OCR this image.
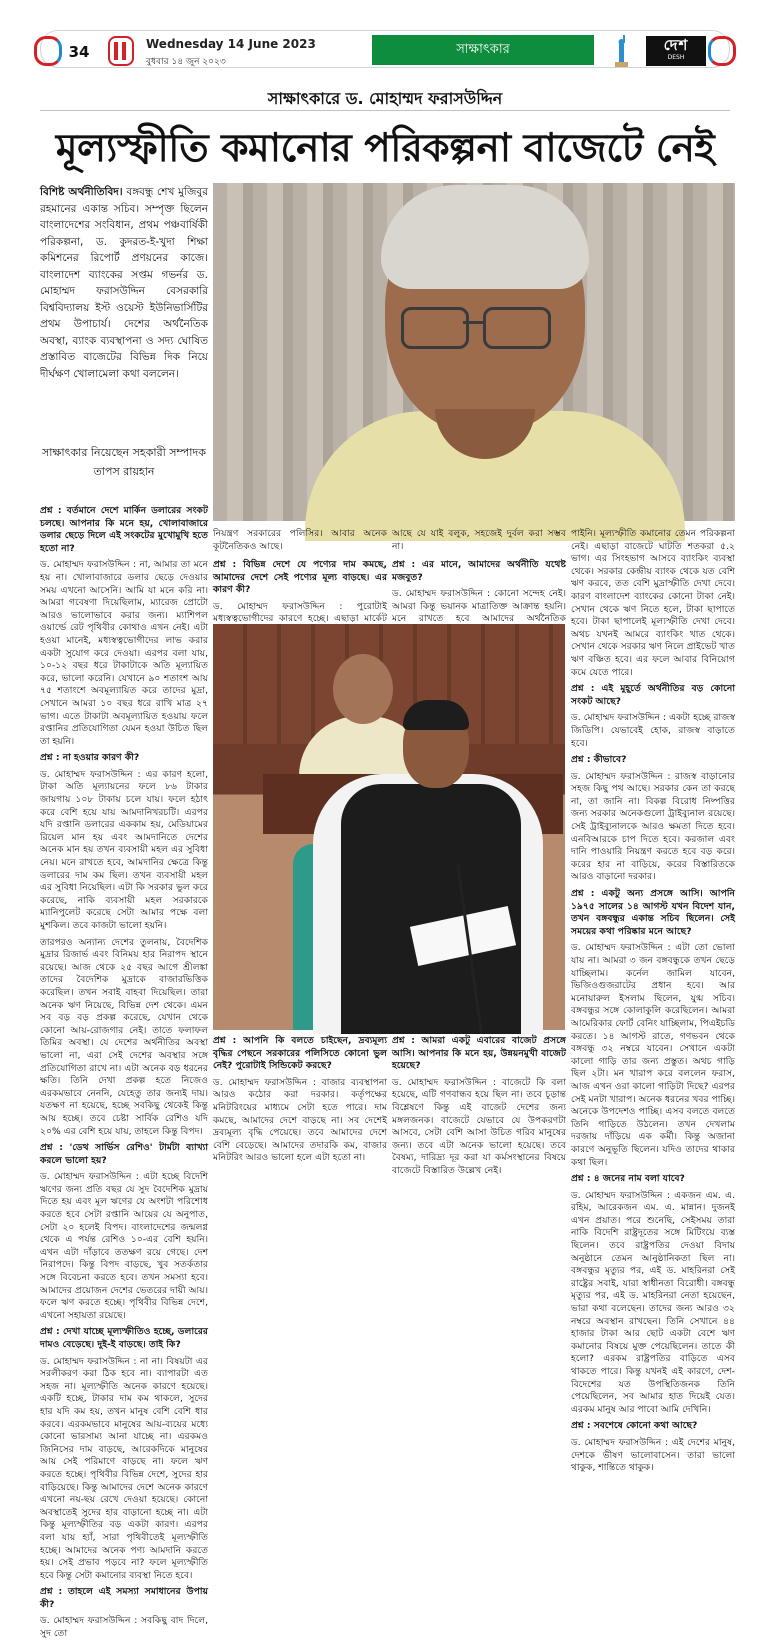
34	Wednesday 14 June 2023
বুধবার ১৪ জুন ২০২৩
সাক্ষাৎকার	দেশ
DESH
সাক্ষাৎকারে ড. মোহাম্মদ ফরাসউদ্দিন
মূল্যস্ফীতি কমানোর পরিকল্পনা বাজেটে নেই
বিশিষ্ট অর্থনীতিবিদ। বঙ্গবন্ধু শেখ মুজিবুর রহমানের একান্ত সচিব। সম্পৃক্ত ছিলেন বাংলাদেশের সংবিধান, প্রথম পঞ্চবার্ষিকী পরিকল্পনা, ড. কুদরত-ই-খুদা শিক্ষা কমিশনের রিপোর্ট প্রণয়নের কাজে। বাংলাদেশ ব্যাংকের সপ্তম গভর্নর ড. মোহাম্মদ ফরাসউদ্দিন বেসরকারি বিশ্ববিদ্যালয় ইস্ট ওয়েস্ট ইউনিভার্সিটির প্রথম উপাচার্য। দেশের অর্থনৈতিক অবস্থা, ব্যাংক ব্যবস্থাপনা ও সদ্য ঘোষিত প্রস্তাবিত বাজেটের বিভিন্ন দিক নিয়ে দীর্ঘক্ষণ খোলামেলা কথা বললেন।
সাক্ষাৎকার নিয়েছেন সহকারী সম্পাদক
তাপস রায়হান

প্রশ্ন : বর্তমানে দেশে মার্কিন ডলারের সংকট চলছে। আপনার কি মনে হয়, খোলাবাজারে ডলার ছেড়ে দিলে এই সংকটের মুখোমুখি হতে হতো না?

ড. মোহাম্মদ ফরাসউদ্দিন : না, আমার তা মনে হয় না। খোলাবাজারে ডলার ছেড়ে দেওয়ার সময় এখনো আসেনি। আমি যা মনে করি না। আমরা গবেষণা দিয়েছিলাম, ম্যারেজ প্রোটো আরও ভালোভাবে করার জন্য। ম্যাশিপল ওয়ার্ল্ডে রেট পৃথিবীর কোথাও এখন নেই। এটা হওয়া মানেই, মধ্যস্বত্বভোগীদের লাভ করার একটা সুযোগ করে দেওয়া। এরপর বলা যায়, ১০-১২ বছর ধরে টাকাটাকে অতি মূল্যায়িত করে, ভালো করেনি। যেখানে ৯০ শতাংশ আয় ৭৫ শতাংশে অবমূল্যায়িত করে তাদের মুদ্রা, সেখানে আমরা ১০ বছর ধরে রাখি মাত্র ২৭ ভাগ। এতে টাকাটা অবমূল্যায়িত হওয়ায় ফলে রপ্তানির প্রতিযোগিতা যেমন হওয়া উচিত ছিল তা হয়নি।

প্রশ্ন : না হওয়ার কারণ কী?

ড. মোহাম্মদ ফরাসউদ্দিন : এর কারণ হলো, টাকা অতি মূল্যায়নের ফলে ৮৬ টাকার জায়গায় ১০৮ টাকায় চলে যায়। ফলে হঠাৎ করে বেশি হয়ে যায় আমদানিখরচটি। এরপর যদি রপ্তানি ডলারের এককাম হয়, মেডিয়ামের রিয়েল মান হয় এবং আমদানিতে দেশের অনেক মান হয় তখন ব্যবসায়ী মহল এর সুবিধা নেয়। মনে রাখতে হবে, আমদানির ক্ষেত্রে কিন্তু ডলারের দাম কম ছিল। তখন ব্যবসায়ী মহল এর সুবিধা নিয়েছিল। এটা কি সরকার ভুল করে করেছে, নাকি ব্যবসায়ী মহল সরকারকে ম্যানিপুলেট করেছে সেটা আমার পক্ষে বলা মুশকিল। তবে কাজটা ভালো হয়নি।

তারপরও অন্যান্য দেশের তুলনায়, বৈদেশিক মুদ্রার রিজার্ভ এবং বিনিময় হার নিরাপদ স্থানে রয়েছে। আজ থেকে ২৫ বছর আগে শ্রীলঙ্কা তাদের বৈদেশিক মুদ্রাকে বাজারভিত্তিক করেছিল। তখন সবাই বাহবা দিয়েছিল। তারা অনেক ঋণ নিয়েছে, বিভিন্ন দেশ থেকে। এমন সব বড় বড় প্রকল্প করেছে, যেখান থেকে কোনো আয়-রোজগার নেই। তাতে ফলাফল তিমির অবস্থা। যে দেশের অর্থনীতির অবস্থা ভালো না, এরা সেই দেশের অবস্থার সঙ্গে প্রতিযোগিতা রাখে না। এটা অনেক বড় ধরনের ক্ষতি। তিনি দেখা প্রকল্প হতে নিজেও এরকমভাবে নেননি, যেহেতু তার জন্যই দায়। যতক্ষণ না হয়েছে, হচ্ছে সবকিছু থেকেই কিন্তু আয় হচ্ছে। তবে চেষ্টা সার্বিক রেশিও যদি ২০% এর বেশি হয়ে যায়, তাহলে কিন্তু বিপদ।

প্রশ্ন : 'ডেথ সার্ভিস রেশিও' টার্মটা ব্যাখ্যা করলে ভালো হয়?

ড. মোহাম্মদ ফরাসউদ্দিন : এটা হচ্ছে বিদেশি ঋণের জন্য প্রতি বছর যে সুদ বৈদেশিক মুদ্রায় দিতে হয় এবং মূল ঋণের যে অংশটা পরিশোধ করতে হবে সেটা রপ্তানি আয়ের যে অনুপাত, সেটা ২০ হলেই বিপদ। বাংলাদেশের জন্মলগ্ন থেকে এ পর্যন্ত রেশিও ১০-এর বেশি হয়নি। এখন এটা দাঁড়াবে ততক্ষণ রয়ে গেছে। দেশ নিরাপদে। কিন্তু বিপদ বাড়ছে, খুব সতর্কতার সঙ্গে বিবেচনা করতে হবে। তখন সমস্যা হবে। আমাদের প্রয়োজন দেশের ভেতরের দায়ী আয়। ফলে ঋণ করতে হচ্ছে। পৃথিবীর বিভিন্ন দেশে, এখনো সহায়তা রয়েছে।

প্রশ্ন : দেখা যাচ্ছে মূল্যস্ফীতিও হচ্ছে, ডলারের দামও বেড়েছে। দুই-ই বাড়ছে। তাই কি?

ড. মোহাম্মদ ফরাসউদ্দিন : না না। বিষয়টা এর সরলীকরণ করা ঠিক হবে না। ব্যাপারটা এত সহজ না। মূল্যস্ফীতি অনেক কারণে হয়েছে। একটি হচ্ছে, টাকার দাম কম থাকলে, সুদের হার যদি কম হয়, তখন মানুষ বেশি বেশি ধার করবে। এরকমভাবে মানুষের আয়-ব্যয়ের মধ্যে কোনো ভারসাম্য আনা যাচ্ছে না। এরকমও জিনিসের দাম বাড়ছে, আরেকদিকে মানুষের আয় সেই পরিমাণে বাড়ছে না। ফলে ঋণ করতে হচ্ছে। পৃথিবীর বিভিন্ন দেশে, সুদের হার বাড়িয়েছে। কিন্তু আমাদের দেশে অনেক কারণে এখনো নয়-ছয় রেখে দেওয়া হয়েছে। কোনো অবস্থাতেই সুদের হার বাড়ানো হচ্ছে না। এটা কিন্তু মূল্যস্ফীতির বড় একটা কারণ। এরপর বলা যায় হ্যাঁ, সারা পৃথিবীতেই মূল্যস্ফীতি হচ্ছে। আমাদের অনেক পণ্য আমদানি করতে হয়। সেই প্রভাব পড়বে না? ফলে মূল্যস্ফীতি হবে কিন্তু সেটা কমানোর ব্যবস্থা নিতে হবে।

প্রশ্ন : তাহলে এই সমস্যা সমাধানের উপায় কী?

ড. মোহাম্মদ ফরাসউদ্দিন : সবকিছু বাদ দিলে, সুদ তো

নিয়ন্ত্রণ সরকারের পলিসির। আবার অনেক কূটনৈতিকও আছে।

আছে যে যাই বলুক, সহজেই দুর্বল করা সম্ভব না।

প্রশ্ন : বিভিন্ন দেশে যে পণ্যের দাম কমছে, আমাদের দেশে সেই পণ্যের মূল্য বাড়ছে। এর কারণ কী?

ড. মোহাম্মদ ফরাসউদ্দিন : পুরোটাই মধ্যস্বত্বভোগীদের কারণে হচ্ছে। এছাড়া মার্কেট

প্রশ্ন : এর মানে, আমাদের অর্থনীতি যথেষ্ট মজবুত?

ড. মোহাম্মদ ফরাসউদ্দিন : কোনো সন্দেহ নেই। আমরা কিন্তু ভয়ানক মাত্রাতিক্ত আক্রান্ত হয়নি। মনে রাখতে হবে আমাদের অর্থনৈতিক

পাইনি। মূল্যস্ফীতি কমানোর তেমন পরিকল্পনা নেই। এছাড়া বাজেটে ঘাটতি শতকরা ৫.২ ভাগ। এর সিংহভাগ আসবে ব্যাংকিং ব্যবস্থা থেকে। সরকার কেন্দ্রীয় ব্যাংক থেকে যত বেশি ঋণ করবে, তত বেশি মুদ্রাস্ফীতি দেখা দেবে। কারণ বাংলাদেশ ব্যাংকের কোনো টাকা নেই। সেখান থেকে ঋণ নিতে হলে, টাকা ছাপাতে হবে। টাকা ছাপালেই মূল্যস্ফীতি দেখা দেবে। অথচ যখনই আমরে ব্যাংকিং খাত থেকে। সেখান থেকে সরকার ঋণ নিলে প্রাইভেট খাত ঋণ বঞ্চিত হবে। এর ফলে আবার বিনিয়োগ কমে যেতে পারে।

প্রশ্ন : এই মুহূর্তে অর্থনীতির বড় কোনো সংকট আছে?

ড. মোহাম্মদ ফরাসউদ্দিন : একটা হচ্ছে রাজস্ব জিডিপি। যেভাবেই হোক, রাজস্ব বাড়াতে হবে।

প্রশ্ন : কীভাবে?

ড. মোহাম্মদ ফরাসউদ্দিন : রাজস্ব বাড়ানোর সহজ কিছু পথ আছে। সরকার কেন তা করছে না, তা জানি না। বিকল্প বিরোধ নিষ্পত্তির জন্য সরকার অনেকগুলো ট্রাইব্যুনাল রয়েছে। সেই ট্রাইব্যুনালকে আরও ক্ষমতা দিতে হবে। এনবিআরকে চাপ দিতে হবে। করজাল এবং দানি পাওয়ারি নিয়ন্ত্রণ করতে হবে বড় করে। করের হার না বাড়িয়ে, করের বিস্তারিতকে আরও বাড়ানো দরকার।

প্রশ্ন : একটু অন্য প্রসঙ্গে আসি। আপনি ১৯৭৫ সালের ১৪ আগস্ট যখন বিদেশ যান, তখন বঙ্গবন্ধুর একান্ত সচিব ছিলেন। সেই সময়ের কথা পরিষ্কার মনে আছে?

ড. মোহাম্মদ ফরাসউদ্দিন : এটা তো ভোলা যায় না। আমরা ৩ জন বঙ্গবন্ধুকে তখন ছেড়ে যাচ্ছিলাম। কর্নেল জামিল যাবেন, ভিজিওগুজরাটের প্রধান হবে। আর মনোয়ারুল ইসলাম ছিলেন, যুগ্ম সচিব। বঙ্গবন্ধুর সঙ্গে কোলাকুলি করেছিলেন। আমরা আমেরিকার ফোর্ট বেনিং যাচ্ছিলাম, পিএইচডি করতে। ১৪ আগস্ট রাতে, গণভবন থেকে বঙ্গবন্ধু ৩২ নম্বরে যাবেন। সেখানে একটা কালো গাড়ি তার জন্য প্রস্তুত। অথচ গাড়ি ছিল ২টা। মন খারাপ করে বললেন ফরাস, আজ এখন ওরা কালো গাড়িটা দিছে? এরপর সেই মনটা খারাপ। অনেক ধরনের খবর পাচ্ছি। অনেকে উপদেশও পাচ্ছি। এসব বলতে বলতে তিনি গাড়িতে উঠলেন। তখন দেখলাম দরজায় দাঁড়িয়ে এক কর্মী। কিন্তু অজানা কারণে অনুভূতি ছিলেন। যদিও তাদের থাকার কথা ছিল।

প্রশ্ন : ৪ জনের নাম বলা যাবে?

ড. মোহাম্মদ ফরাসউদ্দিন : একজন এম. এ. রহিম, আরেকজন এম. এ. মান্নান। দুজনই এখন প্রয়াত। পরে শুনেছি, সেইসময় তারা নাকি বিদেশি রাষ্ট্রদূতের সঙ্গে মিটিংয়ে ব্যস্ত ছিলেন। তবে রাষ্ট্রপতির দেওয়া বিদায় অনুষ্ঠানে তেমন আনুষ্ঠানিকতা ছিল না। বঙ্গবন্ধুর মৃত্যুর পর, এই ড. মাহরিনরা সেই রাষ্ট্রের সবাই, যারা স্বাধীনতা বিরোধী। বঙ্গবন্ধু মৃত্যুর পর, এই ড. মাহরিনরা নেতা হয়েছেন, ভারা কথা বলেছেন। তাদের জন্য আরও ৩২ নম্বরে অবস্থান রাখছেন। তিনি সেখানে ৪৪ হাজার টাকা আর ছোট একটা বেশে ঋণ কমানোর বিষয়ে মুক্ত পেয়েছিলেন। তাতে কী হলো? এরকম রাষ্ট্রপতির বাড়িতে এসব থাকতে পারে। কিন্তু যখনই এই কারণে, দেশ-বিদেশের যত উপস্থিতিজনক তিনি পেয়েছিলেন, সব আমার হাত দিয়েই যেত। এরকম মানুষ আর পাবো আমি দেখিনি।

প্রশ্ন : সবশেষে কোনো কথা আছে?

ড. মোহাম্মদ ফরাসউদ্দিন : এই দেশের মানুষ, দেশকে ভীষণ ভালোবাসেন। তারা ভালো থাকুক, শান্তিতে থাকুক।

প্রশ্ন : আপনি কি বলতে চাইছেন, দ্রব্যমূল্য বৃদ্ধির পেছনে সরকারের পলিসিতে কোনো ভুল নেই? পুরোটাই সিন্ডিকেট করছে?

ড. মোহাম্মদ ফরাসউদ্দিন : বাজার ব্যবস্থাপনা আরও কঠোর করা দরকার। কর্তৃপক্ষের মনিটরিংয়ের মাধ্যমে সেটা হতে পারে। দাম কমছে, আমাদের দেশে বাড়ছে না। সব দেশেই দ্রব্যমূল্য বৃদ্ধি পেয়েছে। তবে আমাদের দেশে বেশি বেড়েছে। আমাদের তদারকি কম, বাজার মনিটরিং আরও ভালো হলে এটা হতো না।

প্রশ্ন : আমরা একটু এবারের বাজেট প্রসঙ্গে আসি। আপনার কি মনে হয়, উন্নয়নমুখী বাজেট হয়েছে?

ড. মোহাম্মদ ফরাসউদ্দিন : বাজেটে কি বলা হয়েছে, এটি গণবান্ধব হয়ে ছিল না। তবে চূড়ান্ত বিশ্লেষণে কিন্তু এই বাজেট দেশের জন্য মঙ্গলজনক। বাজেটে যেভাবে যে উপকরণটা আসবে, সেটা বেশি আসা উচিত গরিব মানুষের জন্য। তবে এটা অনেক ভালো হয়েছে। তবে বৈষম্য, দারিদ্র্য দূর করা যা কর্মসংস্থানের বিষয়ে বাজেটে বিস্তারিত উল্লেখ নেই।
